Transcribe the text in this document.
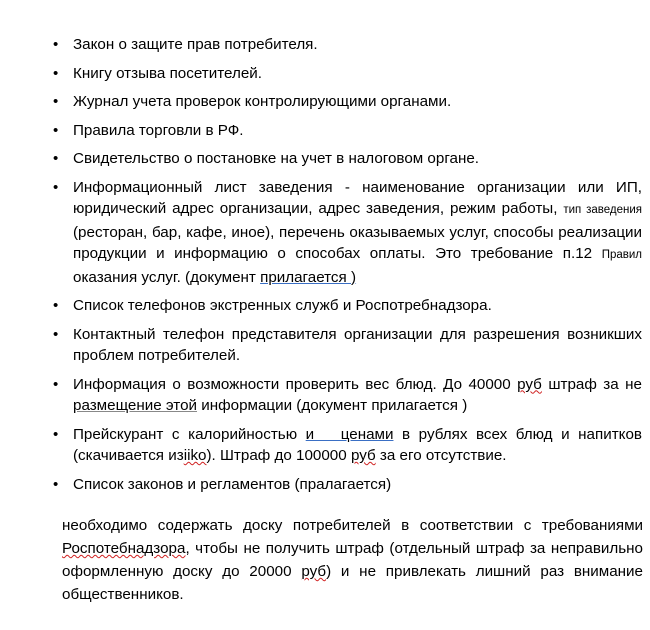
• Закон о защите прав потребителя.
• Книгу отзыва посетителей.
• Журнал учета проверок контролирующими органами.
• Правила торговли в РФ.
• Свидетельство о постановке на учет в налоговом органе.
• Информационный лист заведения - наименование организации или ИП, юридический адрес организации, адрес заведения, режим работы, тип заведения (ресторан, бар, кафе, иное), перечень оказываемых услуг, способы реализации продукции и информацию о способах оплаты. Это требование п.12 Правил оказания услуг. (документ прилагается )
• Список телефонов экстренных служб и Роспотребнадзора.
• Контактный телефон представителя организации для разрешения возникших проблем потребителей.
• Информация о возможности проверить вес блюд. До 40000 руб штраф за не размещение этой информации (документ прилагается )
• Прейскурант с калорийностью и ценами в рублях всех блюд и напитков (скачивается изiiko). Штраф до 100000 руб за его отсутствие.
• Список законов и регламентов (пралагается)
необходимо содержать доску потребителей в соответствии с требованиями Роспотебнадзора, чтобы не получить штраф (отдельный штраф за неправильно оформленную доску до 20000 руб) и не привлекать лишний раз внимание общественников.
